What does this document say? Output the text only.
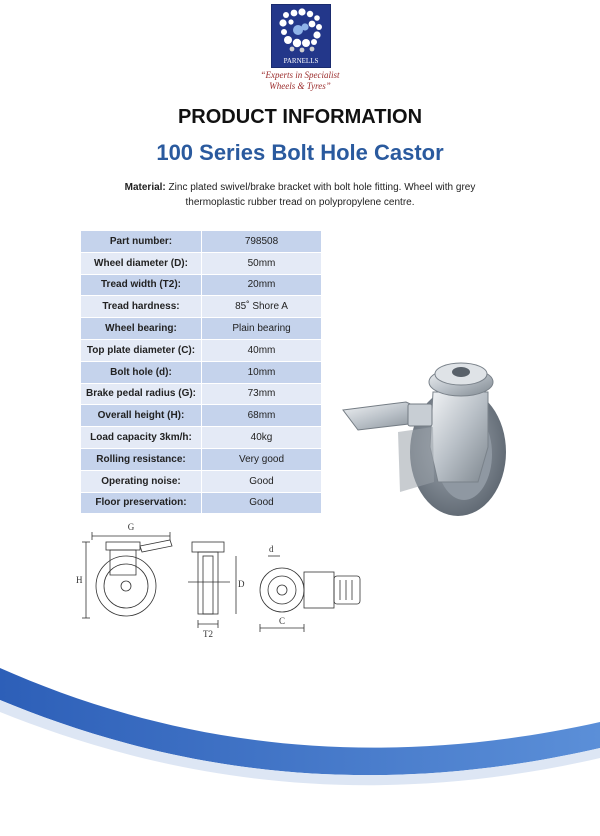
PARNELLS
“Experts in Specialist
Wheels & Tyres”
PRODUCT INFORMATION
100 Series Bolt Hole Castor
Material: Zinc plated swivel/brake bracket with bolt hole fitting. Wheel with grey thermoplastic rubber tread on polypropylene centre.
Part number:	798508
Wheel diameter (D):	50mm
Tread width (T2):	20mm
Tread hardness:	85˚ Shore A
Wheel bearing:	Plain bearing
Top plate diameter (C):	40mm
Bolt hole (d):	10mm
Brake pedal radius (G):	73mm
Overall height (H):	68mm
Load capacity 3km/h:	40kg
Rolling resistance:	Very good
Operating noise:	Good
Floor preservation:	Good
G
H
T2
D
d
C
